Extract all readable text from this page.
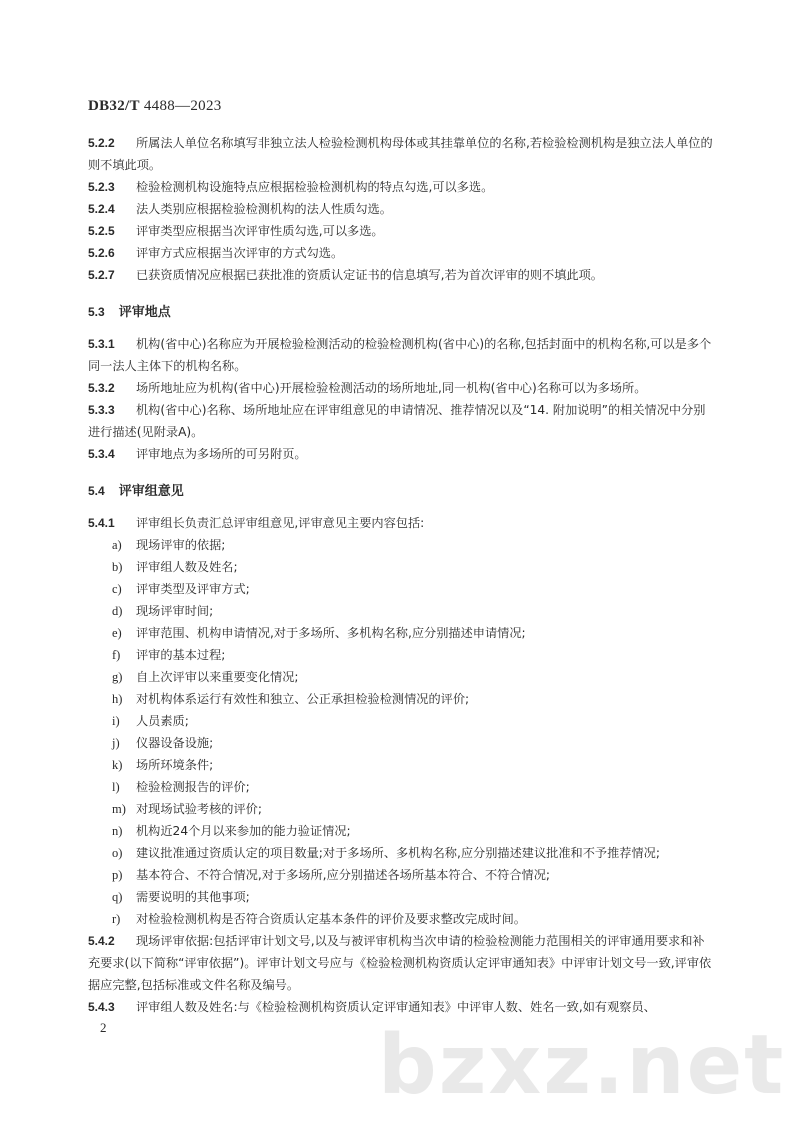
DB32/T 4488—2023
5.2.2	所属法人单位名称填写非独立法人检验检测机构母体或其挂靠单位的名称,若检验检测机构是独立法人单位的则不填此项。
5.2.3	检验检测机构设施特点应根据检验检测机构的特点勾选,可以多选。
5.2.4	法人类别应根据检验检测机构的法人性质勾选。
5.2.5	评审类型应根据当次评审性质勾选,可以多选。
5.2.6	评审方式应根据当次评审的方式勾选。
5.2.7	已获资质情况应根据已获批准的资质认定证书的信息填写,若为首次评审的则不填此项。
5.3 评审地点
5.3.1	机构(省中心)名称应为开展检验检测活动的检验检测机构(省中心)的名称,包括封面中的机构名称,可以是多个同一法人主体下的机构名称。
5.3.2	场所地址应为机构(省中心)开展检验检测活动的场所地址,同一机构(省中心)名称可以为多场所。
5.3.3	机构(省中心)名称、场所地址应在评审组意见的申请情况、推荐情况以及“14. 附加说明”的相关情况中分别进行描述(见附录A)。
5.3.4	评审地点为多场所的可另附页。
5.4 评审组意见
5.4.1	评审组长负责汇总评审组意见,评审意见主要内容包括:
a)	现场评审的依据;
b)	评审组人数及姓名;
c)	评审类型及评审方式;
d)	现场评审时间;
e)	评审范围、机构申请情况,对于多场所、多机构名称,应分别描述申请情况;
f)	评审的基本过程;
g)	自上次评审以来重要变化情况;
h)	对机构体系运行有效性和独立、公正承担检验检测情况的评价;
i)	人员素质;
j)	仪器设备设施;
k)	场所环境条件;
l)	检验检测报告的评价;
m) 对现场试验考核的评价;
n)	机构近24个月以来参加的能力验证情况;
o)	建议批准通过资质认定的项目数量;对于多场所、多机构名称,应分别描述建议批准和不予推荐情况;
p)	基本符合、不符合情况,对于多场所,应分别描述各场所基本符合、不符合情况;
q)	需要说明的其他事项;
r)	对检验检测机构是否符合资质认定基本条件的评价及要求整改完成时间。
5.4.2	现场评审依据:包括评审计划文号,以及与被评审机构当次申请的检验检测能力范围相关的评审通用要求和补充要求(以下简称“评审依据”)。评审计划文号应与《检验检测机构资质认定评审通知表》中评审计划文号一致,评审依据应完整,包括标准或文件名称及编号。
5.4.3	评审组人数及姓名:与《检验检测机构资质认定评审通知表》中评审人数、姓名一致,如有观察员、
bzxz.net
2
